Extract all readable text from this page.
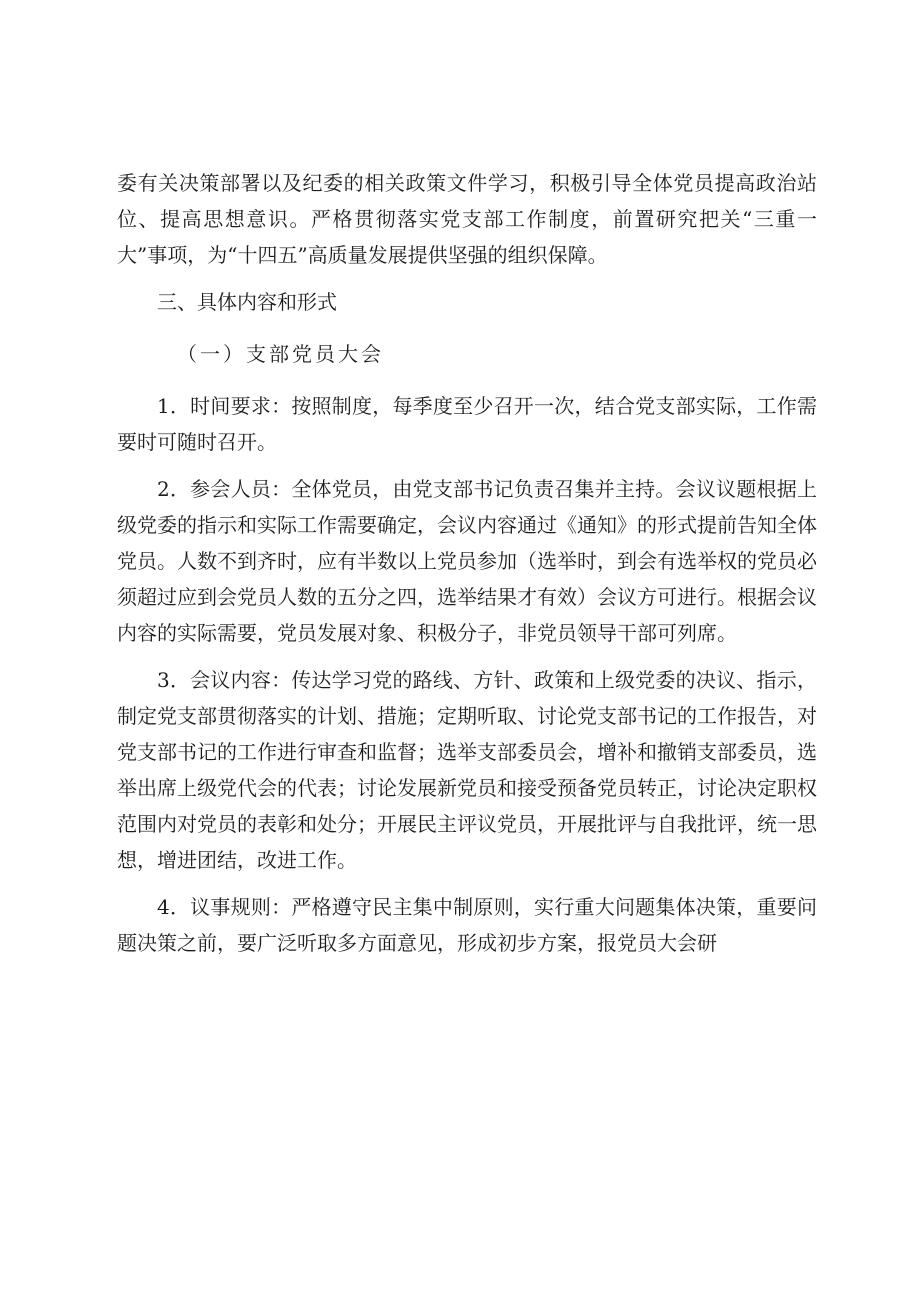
委有关决策部署以及纪委的相关政策文件学习，积极引导全体党员提高政治站位、提高思想意识。严格贯彻落实党支部工作制度，前置研究把关“三重一大”事项，为“十四五”高质量发展提供坚强的组织保障。

三、具体内容和形式

（一）支部党员大会

1．时间要求：按照制度，每季度至少召开一次，结合党支部实际，工作需要时可随时召开。

2．参会人员：全体党员，由党支部书记负责召集并主持。会议议题根据上级党委的指示和实际工作需要确定，会议内容通过《通知》的形式提前告知全体党员。人数不到齐时，应有半数以上党员参加（选举时，到会有选举权的党员必须超过应到会党员人数的五分之四，选举结果才有效）会议方可进行。根据会议内容的实际需要，党员发展对象、积极分子，非党员领导干部可列席。

3．会议内容：传达学习党的路线、方针、政策和上级党委的决议、指示，制定党支部贯彻落实的计划、措施；定期听取、讨论党支部书记的工作报告，对党支部书记的工作进行审查和监督；选举支部委员会，增补和撤销支部委员，选举出席上级党代会的代表；讨论发展新党员和接受预备党员转正，讨论决定职权范围内对党员的表彰和处分；开展民主评议党员，开展批评与自我批评，统一思想，增进团结，改进工作。

4．议事规则：严格遵守民主集中制原则，实行重大问题集体决策，重要问题决策之前，要广泛听取多方面意见，形成初步方案，报党员大会研
